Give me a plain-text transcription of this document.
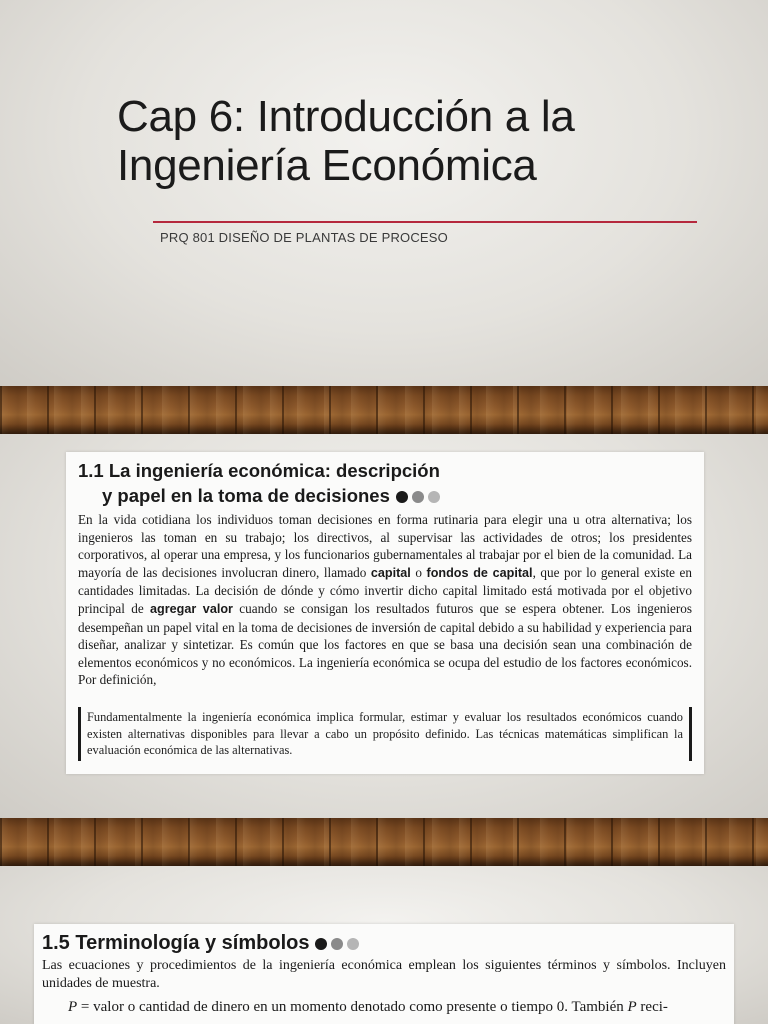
Cap 6: Introducción a la
Ingeniería Económica
PRQ 801 DISEÑO DE PLANTAS DE PROCESO
1.1 La ingeniería económica: descripción
y papel en la toma de decisiones

En la vida cotidiana los individuos toman decisiones en forma rutinaria para elegir una u otra alternativa; los ingenieros las toman en su trabajo; los directivos, al supervisar las actividades de otros; los presidentes corporativos, al operar una empresa, y los funcionarios gubernamentales al trabajar por el bien de la comunidad. La mayoría de las decisiones involucran dinero, llamado capital o fondos de capital, que por lo general existe en cantidades limitadas. La decisión de dónde y cómo invertir dicho capital limitado está motivada por el objetivo principal de agregar valor cuando se consigan los resultados futuros que se espera obtener. Los ingenieros desempeñan un papel vital en la toma de decisiones de inversión de capital debido a su habilidad y experiencia para diseñar, analizar y sintetizar. Es común que los factores en que se basa una decisión sean una combinación de elementos económicos y no económicos. La ingeniería económica se ocupa del estudio de los factores económicos. Por definición,

Fundamentalmente la ingeniería económica implica formular, estimar y evaluar los resultados económicos cuando existen alternativas disponibles para llevar a cabo un propósito definido. Las técnicas matemáticas simplifican la evaluación económica de las alternativas.

1.5 Terminología y símbolos

Las ecuaciones y procedimientos de la ingeniería económica emplean los siguientes términos y símbolos. Incluyen unidades de muestra.

P = valor o cantidad de dinero en un momento denotado como presente o tiempo 0. También P reci-
